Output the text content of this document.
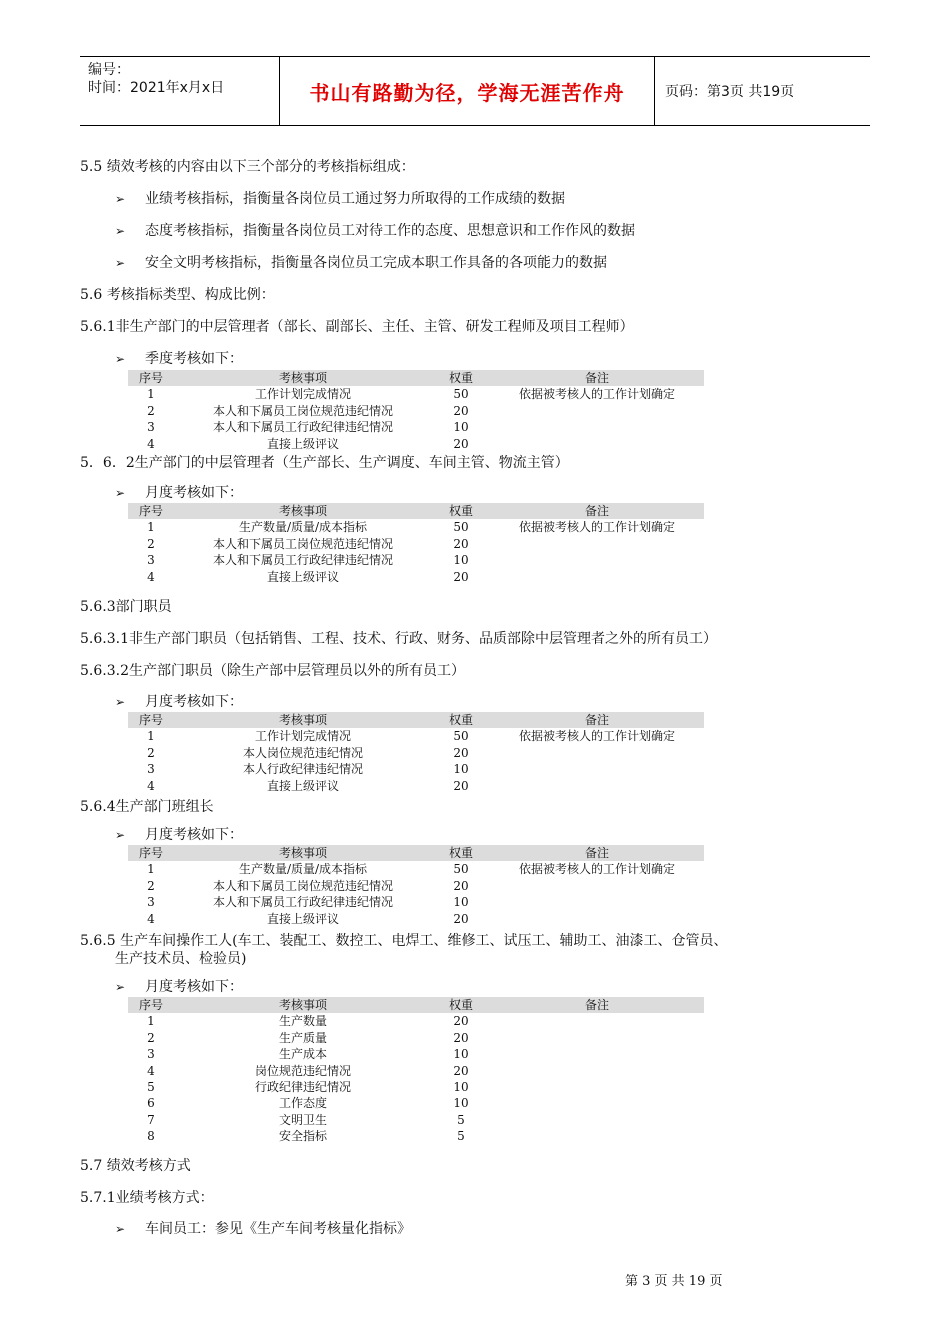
编号：
时间：2021年x月x日	书山有路勤为径，学海无涯苦作舟	页码：第3页 共19页
5.5 绩效考核的内容由以下三个部分的考核指标组成：
➢ 业绩考核指标，指衡量各岗位员工通过努力所取得的工作成绩的数据
➢ 态度考核指标，指衡量各岗位员工对待工作的态度、思想意识和工作作风的数据
➢ 安全文明考核指标，指衡量各岗位员工完成本职工作具备的各项能力的数据
5.6 考核指标类型、构成比例：
5.6.1非生产部门的中层管理者（部长、副部长、主任、主管、研发工程师及项目工程师）
➢ 季度考核如下：
序号	考核事项	权重	备注
1	工作计划完成情况	50	依据被考核人的工作计划确定
2	本人和下属员工岗位规范违纪情况	20
3	本人和下属员工行政纪律违纪情况	10
4	直接上级评议	20
5．6．2生产部门的中层管理者（生产部长、生产调度、车间主管、物流主管）
➢ 月度考核如下：
序号	考核事项	权重	备注
1	生产数量/质量/成本指标	50	依据被考核人的工作计划确定
2	本人和下属员工岗位规范违纪情况	20
3	本人和下属员工行政纪律违纪情况	10
4	直接上级评议	20
5.6.3部门职员
5.6.3.1非生产部门职员（包括销售、工程、技术、行政、财务、品质部除中层管理者之外的所有员工）
5.6.3.2生产部门职员（除生产部中层管理员以外的所有员工）
➢ 月度考核如下：
序号	考核事项	权重	备注
1	工作计划完成情况	50	依据被考核人的工作计划确定
2	本人岗位规范违纪情况	20
3	本人行政纪律违纪情况	10
4	直接上级评议	20
5.6.4生产部门班组长
➢ 月度考核如下：
序号	考核事项	权重	备注
1	生产数量/质量/成本指标	50	依据被考核人的工作计划确定
2	本人和下属员工岗位规范违纪情况	20
3	本人和下属员工行政纪律违纪情况	10
4	直接上级评议	20
5.6.5 生产车间操作工人(车工、装配工、数控工、电焊工、维修工、试压工、辅助工、油漆工、仓管员、
生产技术员、检验员)
➢ 月度考核如下：
序号	考核事项	权重	备注
1	生产数量	20
2	生产质量	20
3	生产成本	10
4	岗位规范违纪情况	20
5	行政纪律违纪情况	10
6	工作态度	10
7	文明卫生	5
8	安全指标	5
5.7 绩效考核方式
5.7.1业绩考核方式：
➢ 车间员工：参见《生产车间考核量化指标》
第 3 页 共 19 页
